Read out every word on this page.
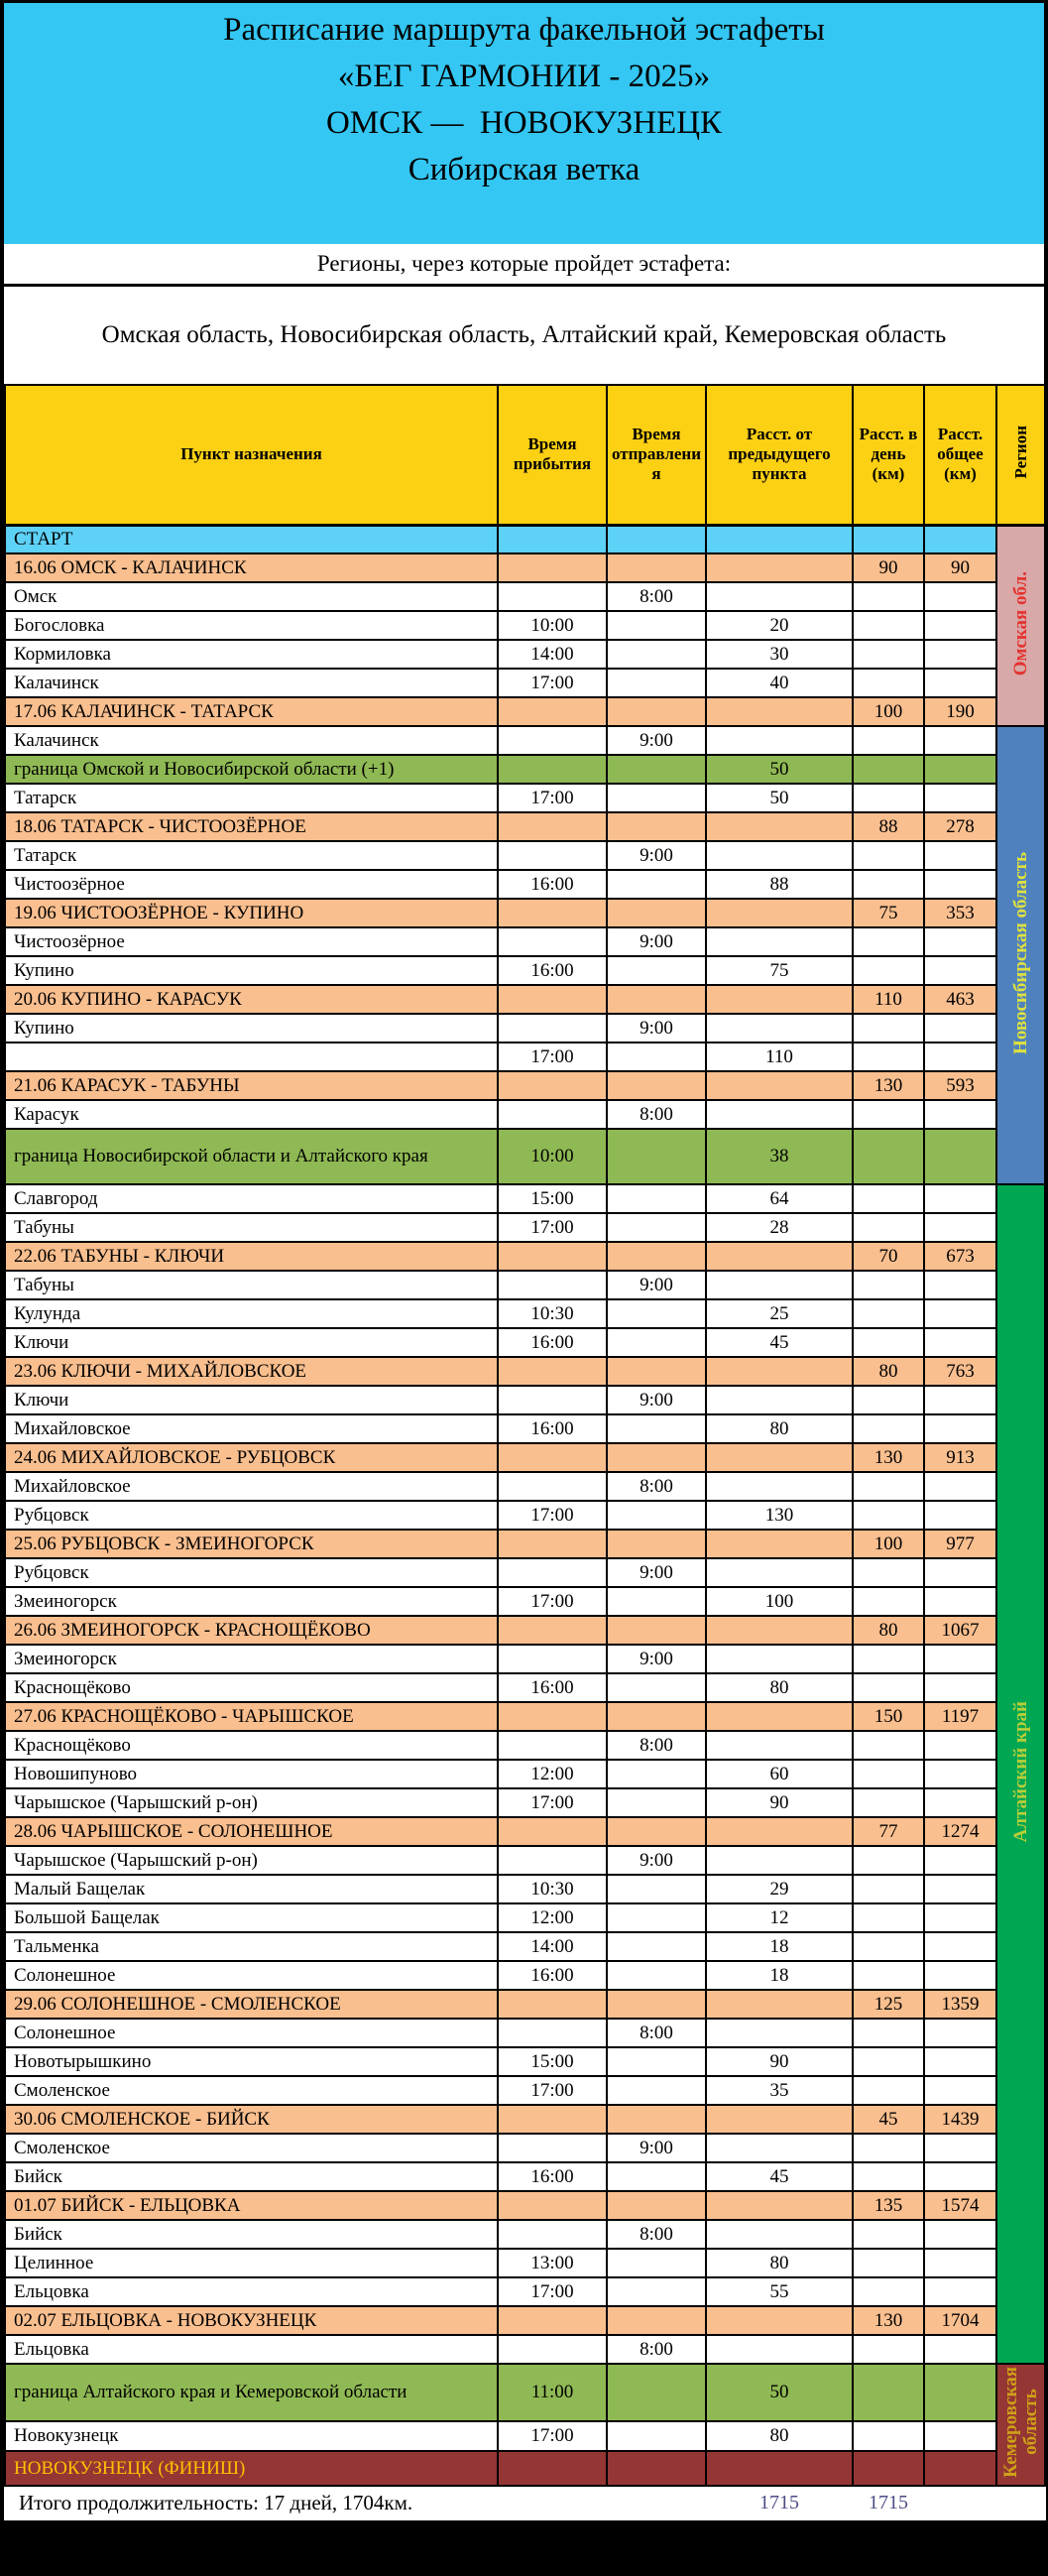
Расписание маршрута факельной эстафеты
«БЕГ ГАРМОНИИ - 2025»
ОМСК —  НОВОКУЗНЕЦК
Сибирская ветка
Регионы, через которые пройдет эстафета:
Омская область, Новосибирская область, Алтайский край, Кемеровская область
Пункт назначения	Время прибытия	Время отправления	Расст. от предыдущего пункта	Расст. в день (км)	Расст. общее (км)	Регион
СТАРТ						Омская обл.
16.06 ОМСК - КАЛАЧИНСК				90	90	
Омск		8:00				
Богословка	10:00		20			
Кормиловка	14:00		30			
Калачинск	17:00		40			
17.06 КАЛАЧИНСК - ТАТАРСК				100	190	
Калачинск		9:00				Новосибирская область
граница Омской и Новосибирской области (+1)			50			
Татарск	17:00		50			
18.06 ТАТАРСК - ЧИСТООЗЁРНОЕ				88	278	
Татарск		9:00				
Чистоозёрное	16:00		88			
19.06 ЧИСТООЗЁРНОЕ - КУПИНО				75	353	
Чистоозёрное		9:00				
Купино	16:00		75			
20.06 КУПИНО - КАРАСУК				110	463	
Купино		9:00				
	17:00		110			
21.06 КАРАСУК - ТАБУНЫ				130	593	
Карасук		8:00				
граница Новосибирской области и Алтайского края	10:00		38			
Славгород	15:00		64			Алтайский край
Табуны	17:00		28			
22.06 ТАБУНЫ - КЛЮЧИ				70	673	
Табуны		9:00				
Кулунда	10:30		25			
Ключи	16:00		45			
23.06 КЛЮЧИ - МИХАЙЛОВСКОЕ				80	763	
Ключи		9:00				
Михайловское	16:00		80			
24.06 МИХАЙЛОВСКОЕ - РУБЦОВСК				130	913	
Михайловское		8:00				
Рубцовск	17:00		130			
25.06 РУБЦОВСК - ЗМЕИНОГОРСК				100	977	
Рубцовск		9:00				
Змеиногорск	17:00		100			
26.06 ЗМЕИНОГОРСК - КРАСНОЩЁКОВО				80	1067	
Змеиногорск		9:00				
Краснощёково	16:00		80			
27.06 КРАСНОЩЁКОВО - ЧАРЫШСКОЕ				150	1197	
Краснощёково		8:00				
Новошипуново	12:00		60			
Чарышское (Чарышский р-он)	17:00		90			
28.06 ЧАРЫШСКОЕ - СОЛОНЕШНОЕ				77	1274	
Чарышское (Чарышский р-он)		9:00				
Малый Бащелак	10:30		29			
Большой Бащелак	12:00		12			
Тальменка	14:00		18			
Солонешное	16:00		18			
29.06 СОЛОНЕШНОЕ - СМОЛЕНСКОЕ				125	1359	
Солонешное		8:00				
Новотырышкино	15:00		90			
Смоленское	17:00		35			
30.06 СМОЛЕНСКОЕ - БИЙСК				45	1439	
Смоленское		9:00				
Бийск	16:00		45			
01.07 БИЙСК - ЕЛЬЦОВКА				135	1574	
Бийск		8:00				
Целинное	13:00		80			
Ельцовка	17:00		55			
02.07 ЕЛЬЦОВКА - НОВОКУЗНЕЦК				130	1704	
Ельцовка		8:00				
граница Алтайского края и Кемеровской области	11:00		50			Кемеровская область
Новокузнецк	17:00		80			
НОВОКУЗНЕЦК (ФИНИШ)						
Итого продолжительность: 17 дней, 1704км.			1715	1715		
